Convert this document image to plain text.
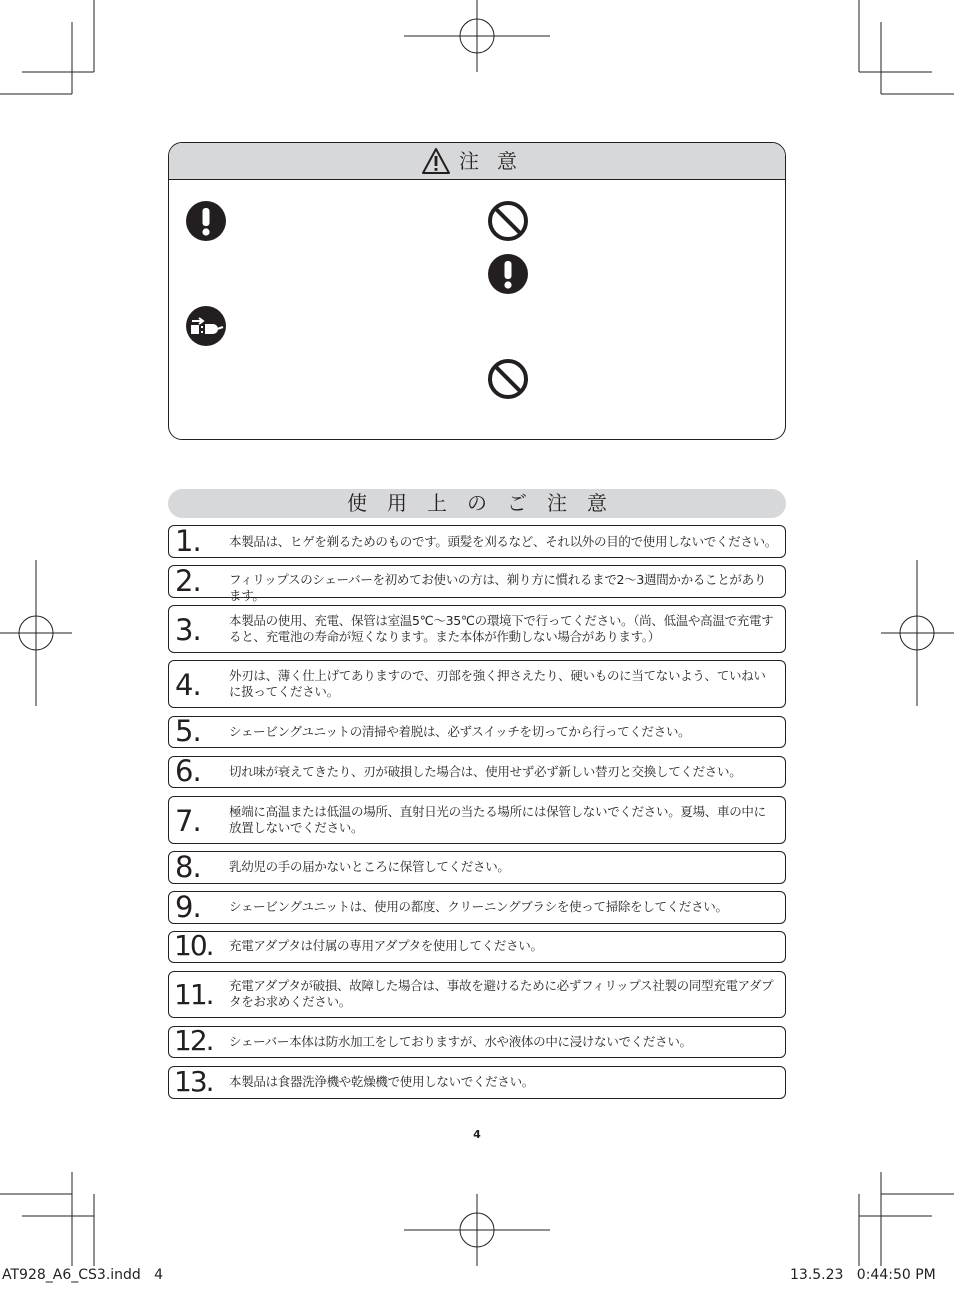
注意
使用上のご注意
1.	本製品は、ヒゲを剃るためのものです。頭髪を刈るなど、それ以外の目的で使用しないでください。
2.	フィリップスのシェーバーを初めてお使いの方は、剃り方に慣れるまで2〜3週間かかることがあります。
3.	本製品の使用、充電、保管は室温5℃〜35℃の環境下で行ってください。（尚、低温や高温で充電すると、充電池の寿命が短くなります。また本体が作動しない場合があります。）
4.	外刃は、薄く仕上げてありますので、刃部を強く押さえたり、硬いものに当てないよう、ていねいに扱ってください。
5.	シェービングユニットの清掃や着脱は、必ずスイッチを切ってから行ってください。
6.	切れ味が衰えてきたり、刃が破損した場合は、使用せず必ず新しい替刃と交換してください。
7.	極端に高温または低温の場所、直射日光の当たる場所には保管しないでください。夏場、車の中に放置しないでください。
8.	乳幼児の手の届かないところに保管してください。
9.	シェービングユニットは、使用の都度、クリーニングブラシを使って掃除をしてください。
10.	充電アダプタは付属の専用アダプタを使用してください。
11.	充電アダプタが破損、故障した場合は、事故を避けるために必ずフィリップス社製の同型充電アダプタをお求めください。
12.	シェーバー本体は防水加工をしておりますが、水や液体の中に浸けないでください。
13.	本製品は食器洗浄機や乾燥機で使用しないでください。
4
AT928_A6_CS3.indd   4	13.5.23   0:44:50 PM
